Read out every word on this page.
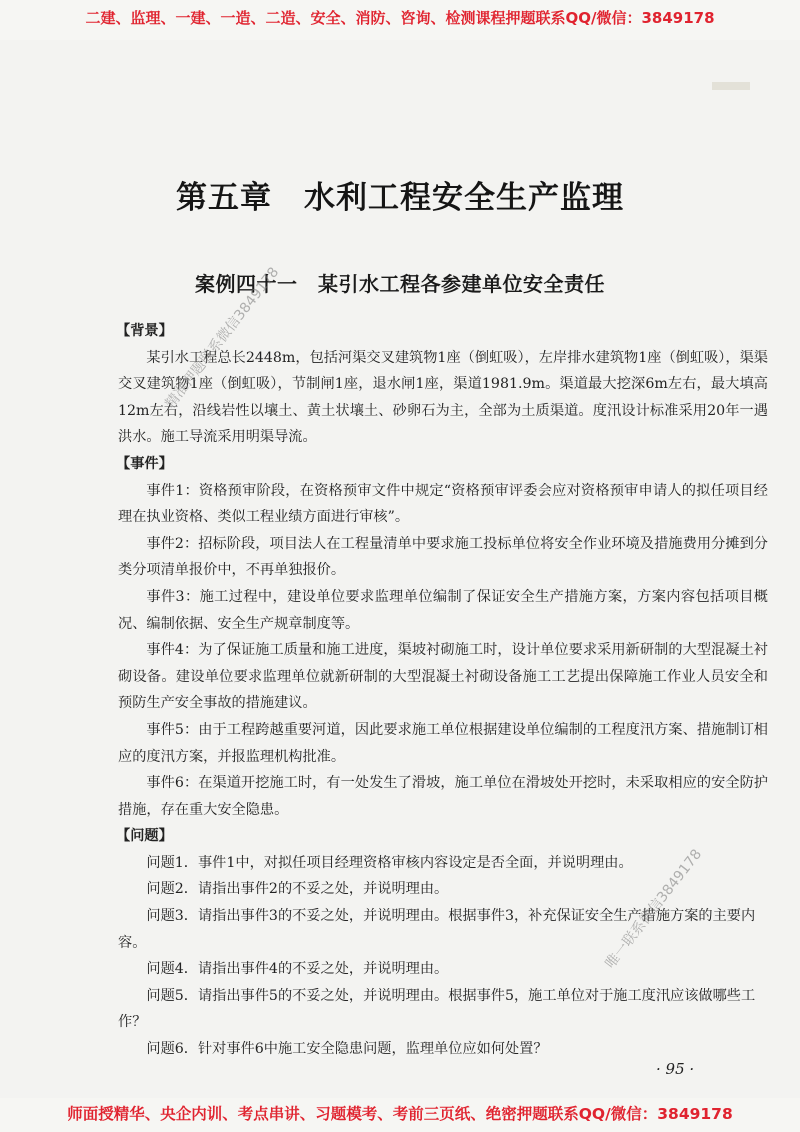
二建、监理、一建、一造、二造、安全、消防、咨询、检测课程押题联系QQ/微信：3849178
第五章　水利工程安全生产监理
案例四十一　某引水工程各参建单位安全责任
【背景】
某引水工程总长2448m，包括河渠交叉建筑物1座（倒虹吸），左岸排水建筑物1座（倒虹吸），渠渠交叉建筑物1座（倒虹吸），节制闸1座，退水闸1座，渠道1981.9m。渠道最大挖深6m左右，最大填高12m左右，沿线岩性以壤土、黄土状壤土、砂卵石为主，全部为土质渠道。度汛设计标准采用20年一遇洪水。施工导流采用明渠导流。
【事件】
事件1：资格预审阶段，在资格预审文件中规定“资格预审评委会应对资格预审申请人的拟任项目经理在执业资格、类似工程业绩方面进行审核”。
事件2：招标阶段，项目法人在工程量清单中要求施工投标单位将安全作业环境及措施费用分摊到分类分项清单报价中，不再单独报价。
事件3：施工过程中，建设单位要求监理单位编制了保证安全生产措施方案，方案内容包括项目概况、编制依据、安全生产规章制度等。
事件4：为了保证施工质量和施工进度，渠坡衬砌施工时，设计单位要求采用新研制的大型混凝土衬砌设备。建设单位要求监理单位就新研制的大型混凝土衬砌设备施工工艺提出保障施工作业人员安全和预防生产安全事故的措施建议。
事件5：由于工程跨越重要河道，因此要求施工单位根据建设单位编制的工程度汛方案、措施制订相应的度汛方案，并报监理机构批准。
事件6：在渠道开挖施工时，有一处发生了滑坡，施工单位在滑坡处开挖时，未采取相应的安全防护措施，存在重大安全隐患。
【问题】
问题1．事件1中，对拟任项目经理资格审核内容设定是否全面，并说明理由。
问题2．请指出事件2的不妥之处，并说明理由。
问题3．请指出事件3的不妥之处，并说明理由。根据事件3，补充保证安全生产措施方案的主要内容。
问题4．请指出事件4的不妥之处，并说明理由。
问题5．请指出事件5的不妥之处，并说明理由。根据事件5，施工单位对于施工度汛应该做哪些工作？
问题6．针对事件6中施工安全隐患问题，监理单位应如何处置？
精准押题联系微信3849178
唯一联系微信3849178
· 95 ·
师面授精华、央企内训、考点串讲、习题模考、考前三页纸、绝密押题联系QQ/微信：3849178
